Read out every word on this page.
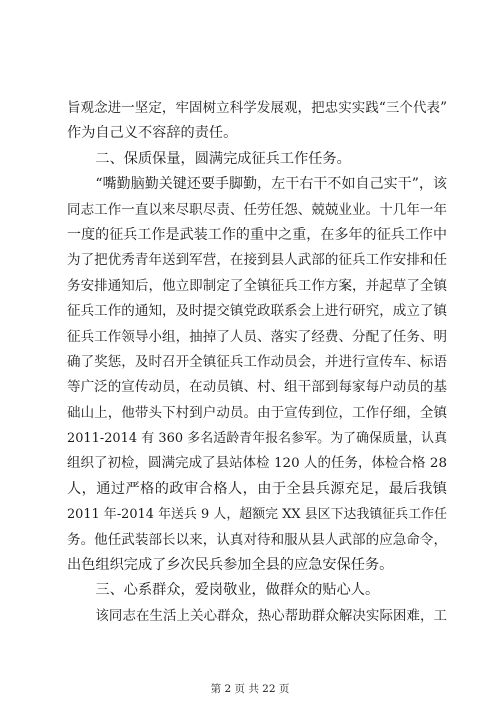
旨观念进一坚定，牢固树立科学发展观，把忠实实践“三个代表”
作为自己义不容辞的责任。
二、保质保量，圆满完成征兵工作任务。
“嘴勤脑勤关键还要手脚勤，左干右干不如自己实干”，该
同志工作一直以来尽职尽责、任劳任怨、兢兢业业。十几年一年
一度的征兵工作是武装工作的重中之重，在多年的征兵工作中
为了把优秀青年送到军营，在接到县人武部的征兵工作安排和任
务安排通知后，他立即制定了全镇征兵工作方案，并起草了全镇
征兵工作的通知，及时提交镇党政联系会上进行研究，成立了镇
征兵工作领导小组，抽掉了人员、落实了经费、分配了任务、明
确了奖惩，及时召开全镇征兵工作动员会，并进行宣传车、标语
等广泛的宣传动员，在动员镇、村、组干部到每家每户动员的基
础山上，他带头下村到户动员。由于宣传到位，工作仔细，全镇
2011-2014 有 360 多名适龄青年报名参军。为了确保质量，认真
组织了初检，圆满完成了县站体检 120 人的任务，体检合格 28
人，通过严格的政审合格人，由于全县兵源充足，最后我镇
2011 年-2014 年送兵 9 人，超额完 XX 县区下达我镇征兵工作任
务。他任武装部长以来，认真对待和服从县人武部的应急命令，
出色组织完成了乡次民兵参加全县的应急安保任务。
三、心系群众，爱岗敬业，做群众的贴心人。
该同志在生活上关心群众，热心帮助群众解决实际困难，工
第 2 页 共 22 页
